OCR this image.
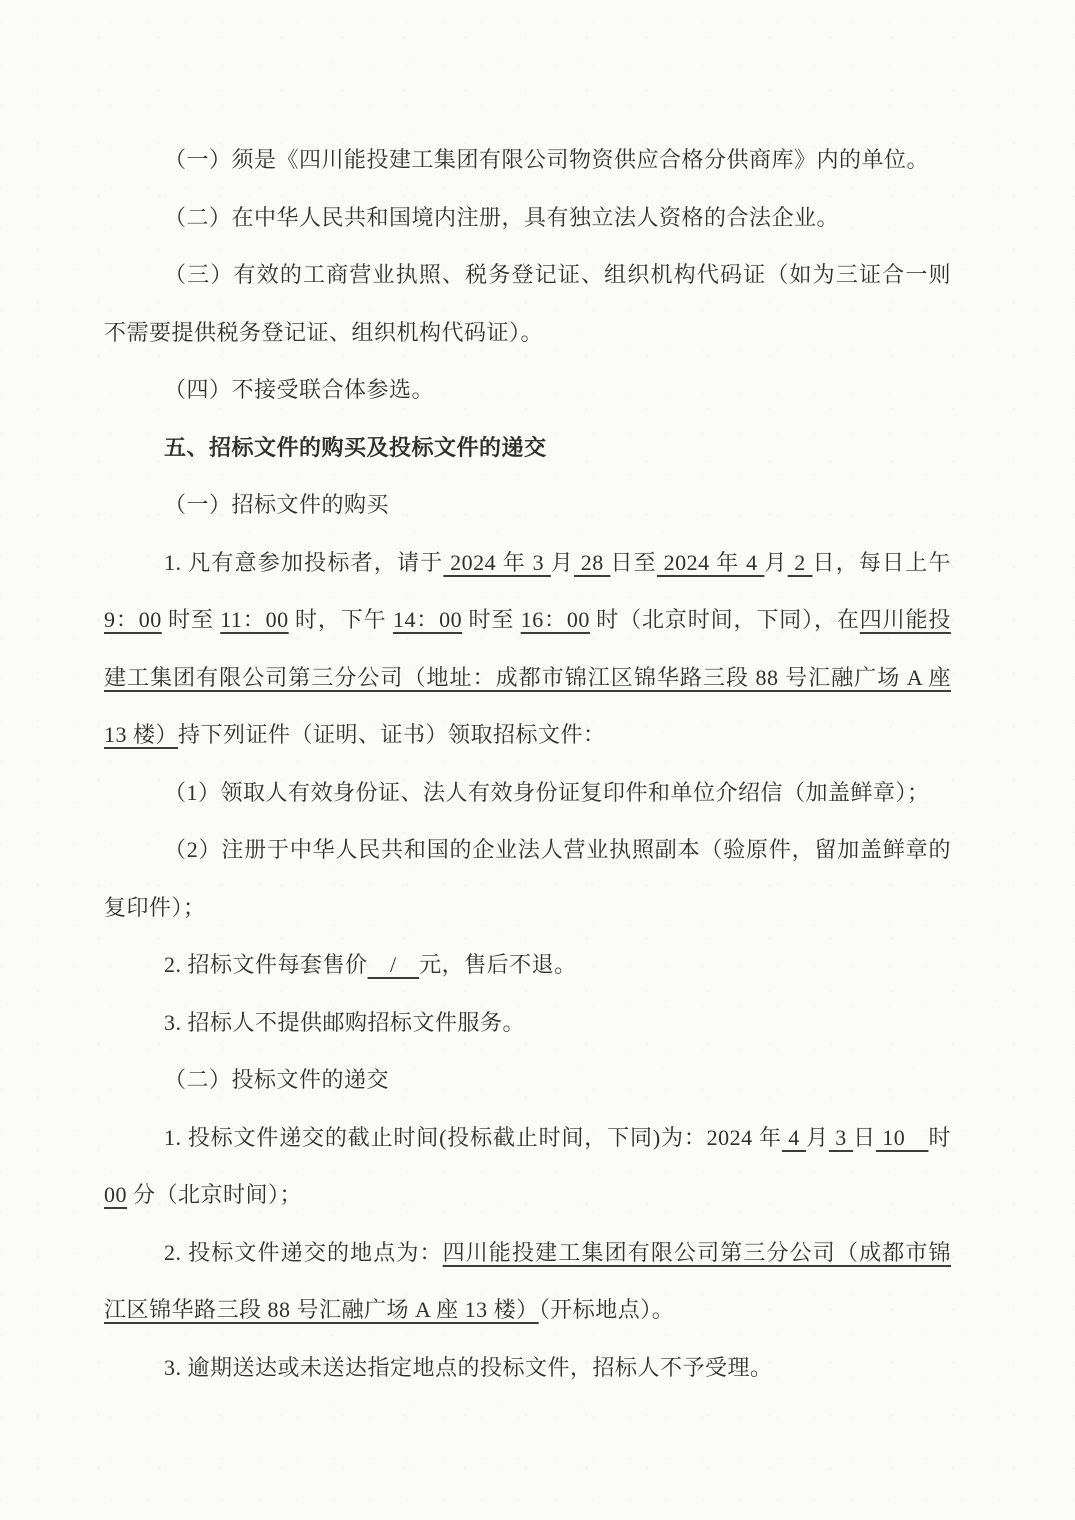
（一）须是《四川能投建工集团有限公司物资供应合格分供商库》内的单位。

（二）在中华人民共和国境内注册，具有独立法人资格的合法企业。

（三）有效的工商营业执照、税务登记证、组织机构代码证（如为三证合一则不需要提供税务登记证、组织机构代码证）。

（四）不接受联合体参选。

五、招标文件的购买及投标文件的递交

（一）招标文件的购买

1. 凡有意参加投标者，请于 2024 年 3 月 28 日至 2024 年 4 月 2 日，每日上午9：00 时至 11：00 时，下午 14：00 时至 16：00 时（北京时间，下同），在四川能投建工集团有限公司第三分公司（地址：成都市锦江区锦华路三段 88 号汇融广场 A 座 13 楼）持下列证件（证明、证书）领取招标文件：

（1）领取人有效身份证、法人有效身份证复印件和单位介绍信（加盖鲜章）；

（2）注册于中华人民共和国的企业法人营业执照副本（验原件，留加盖鲜章的复印件）；

2. 招标文件每套售价　/　元，售后不退。

3. 招标人不提供邮购招标文件服务。

（二）投标文件的递交

1. 投标文件递交的截止时间(投标截止时间，下同)为：2024 年 4 月 3 日 10　时 00 分（北京时间）；

2. 投标文件递交的地点为：四川能投建工集团有限公司第三分公司（成都市锦江区锦华路三段 88 号汇融广场 A 座 13 楼）（开标地点）。

3. 逾期送达或未送达指定地点的投标文件，招标人不予受理。
